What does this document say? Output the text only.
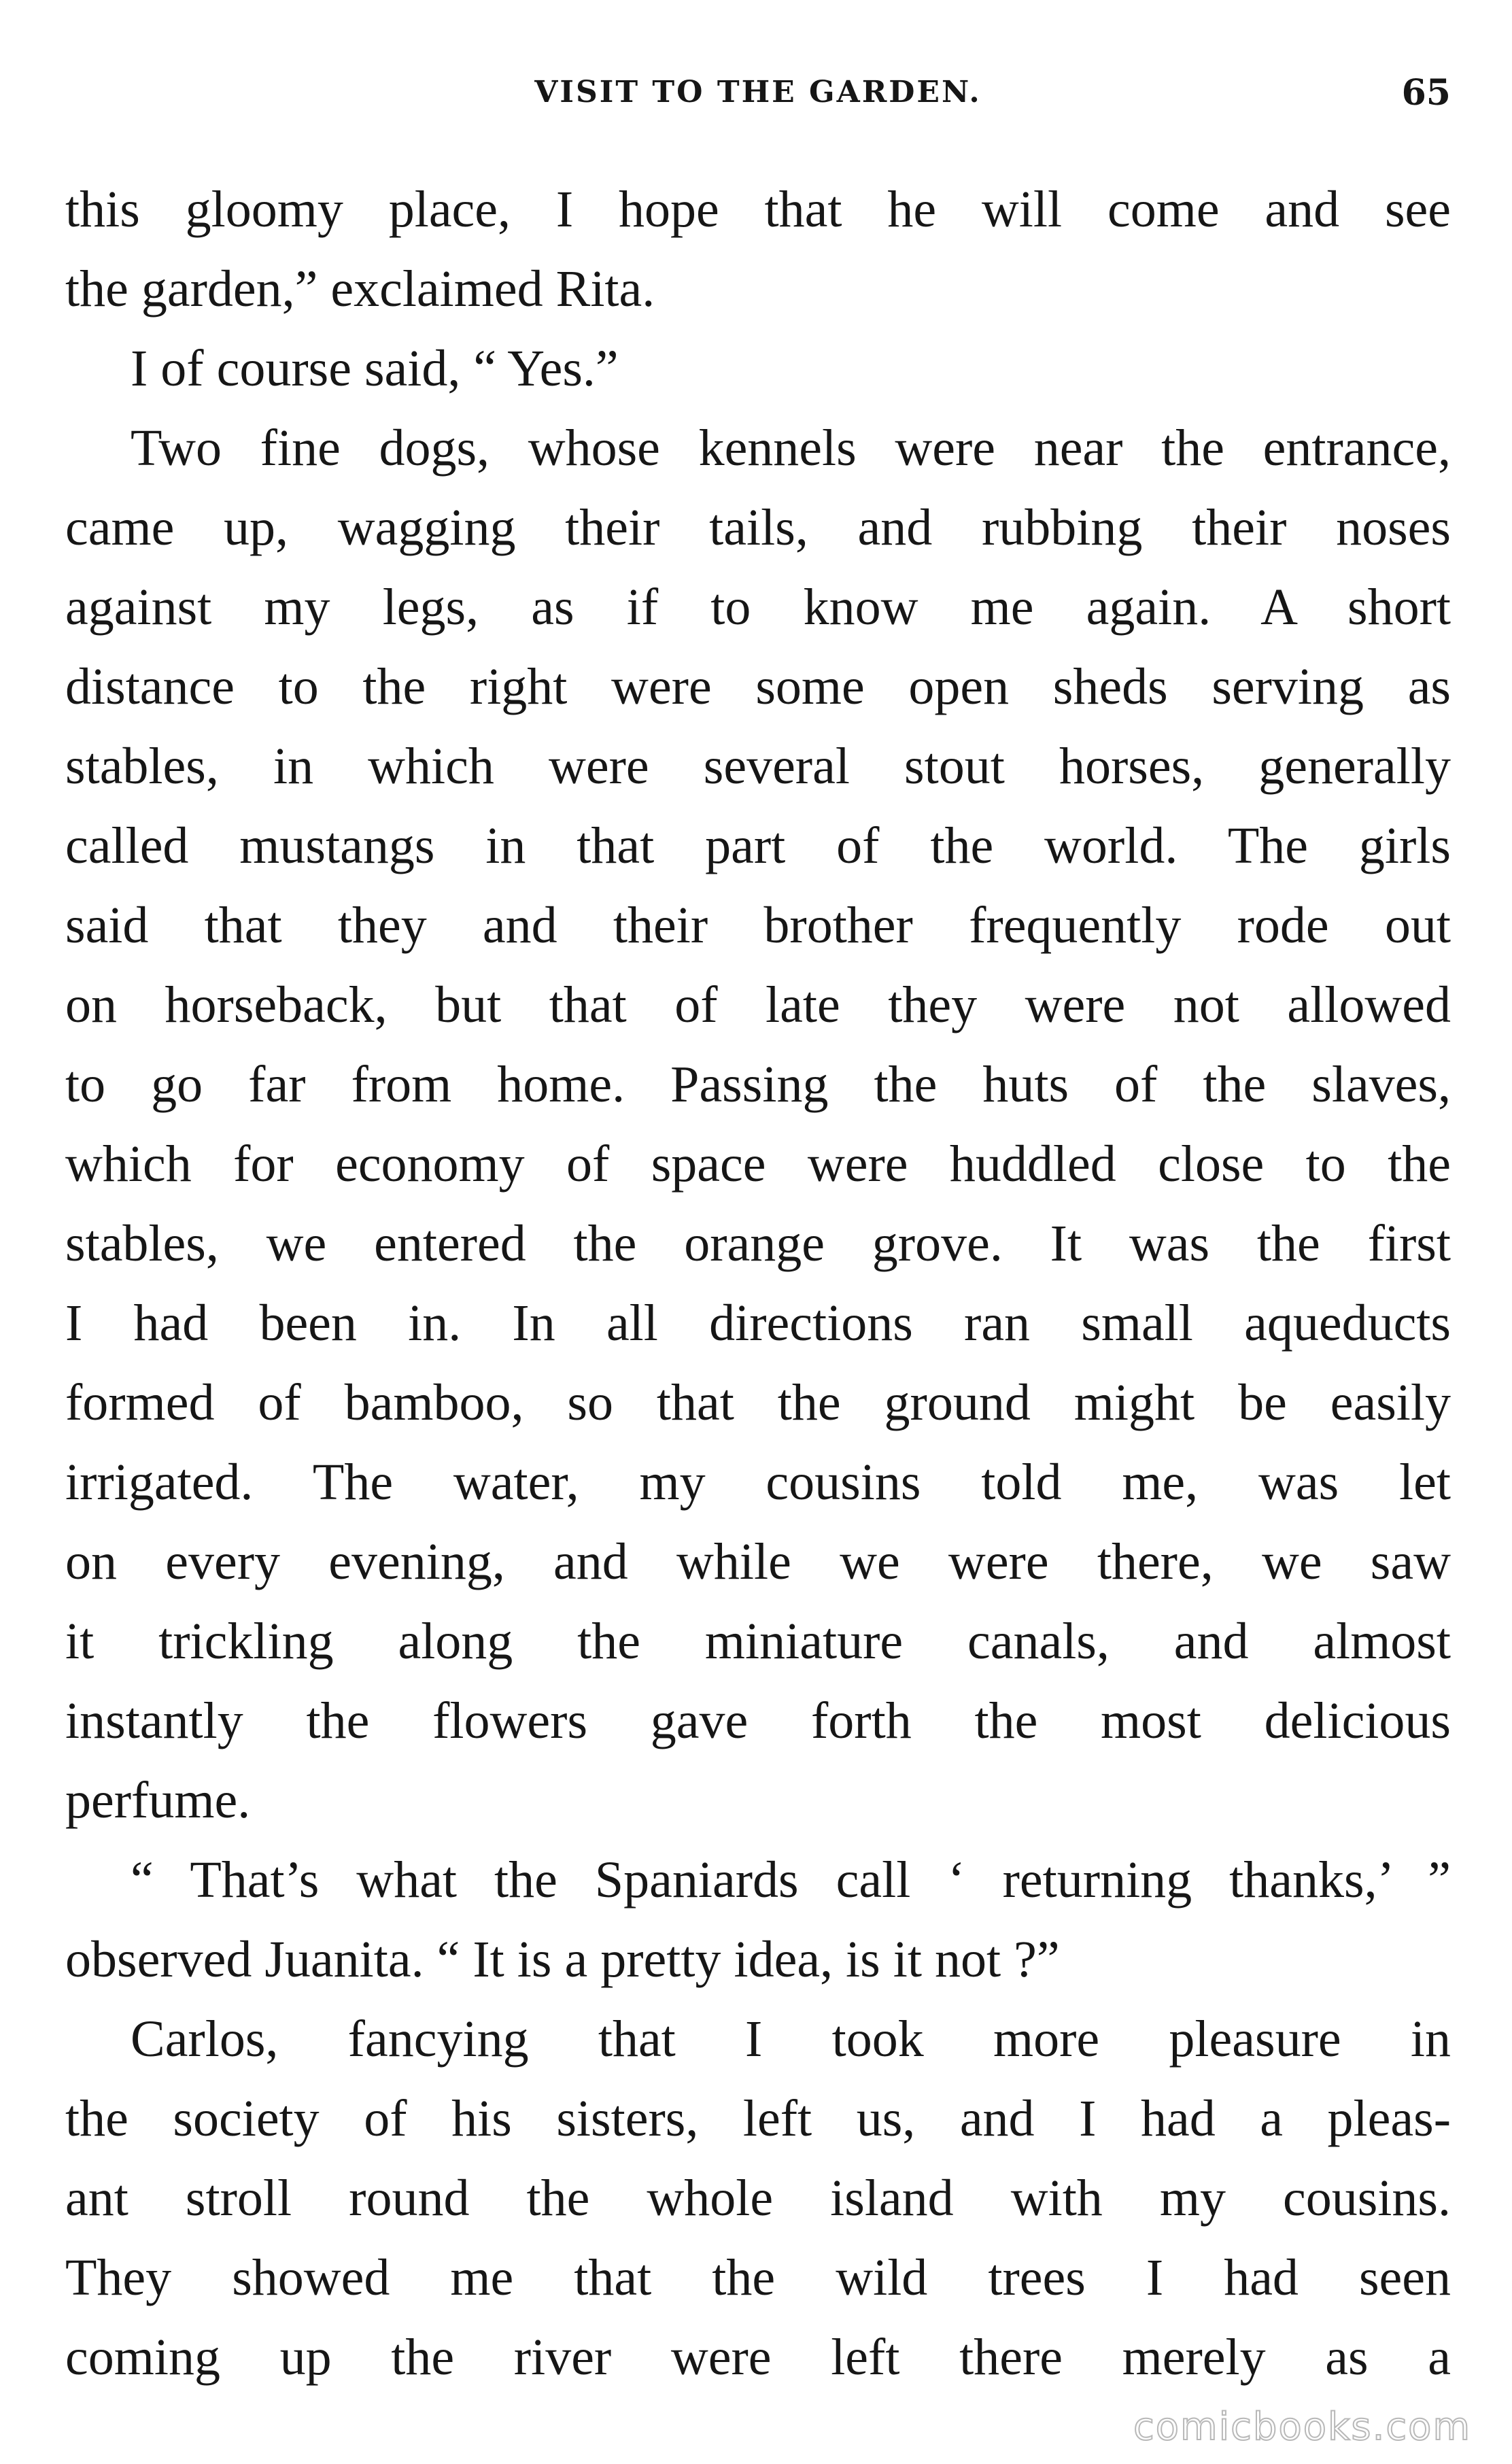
VISIT TO THE GARDEN.	65
this gloomy place, I hope that he will come and see
the garden,” exclaimed Rita.
I of course said, “ Yes.”
Two fine dogs, whose kennels were near the entrance,
came up, wagging their tails, and rubbing their noses
against my legs, as if to know me again. A short
distance to the right were some open sheds serving as
stables, in which were several stout horses, generally
called mustangs in that part of the world. The girls
said that they and their brother frequently rode out
on horseback, but that of late they were not allowed
to go far from home. Passing the huts of the slaves,
which for economy of space were huddled close to the
stables, we entered the orange grove. It was the first
I had been in. In all directions ran small aqueducts
formed of bamboo, so that the ground might be easily
irrigated. The water, my cousins told me, was let
on every evening, and while we were there, we saw
it trickling along the miniature canals, and almost
instantly the flowers gave forth the most delicious
perfume.
“ That’s what the Spaniards call ‘ returning thanks,’ ”
observed Juanita. “ It is a pretty idea, is it not ?”
Carlos, fancying that I took more pleasure in
the society of his sisters, left us, and I had a pleas-
ant stroll round the whole island with my cousins.
They showed me that the wild trees I had seen
coming up the river were left there merely as a
comicbooks.com
